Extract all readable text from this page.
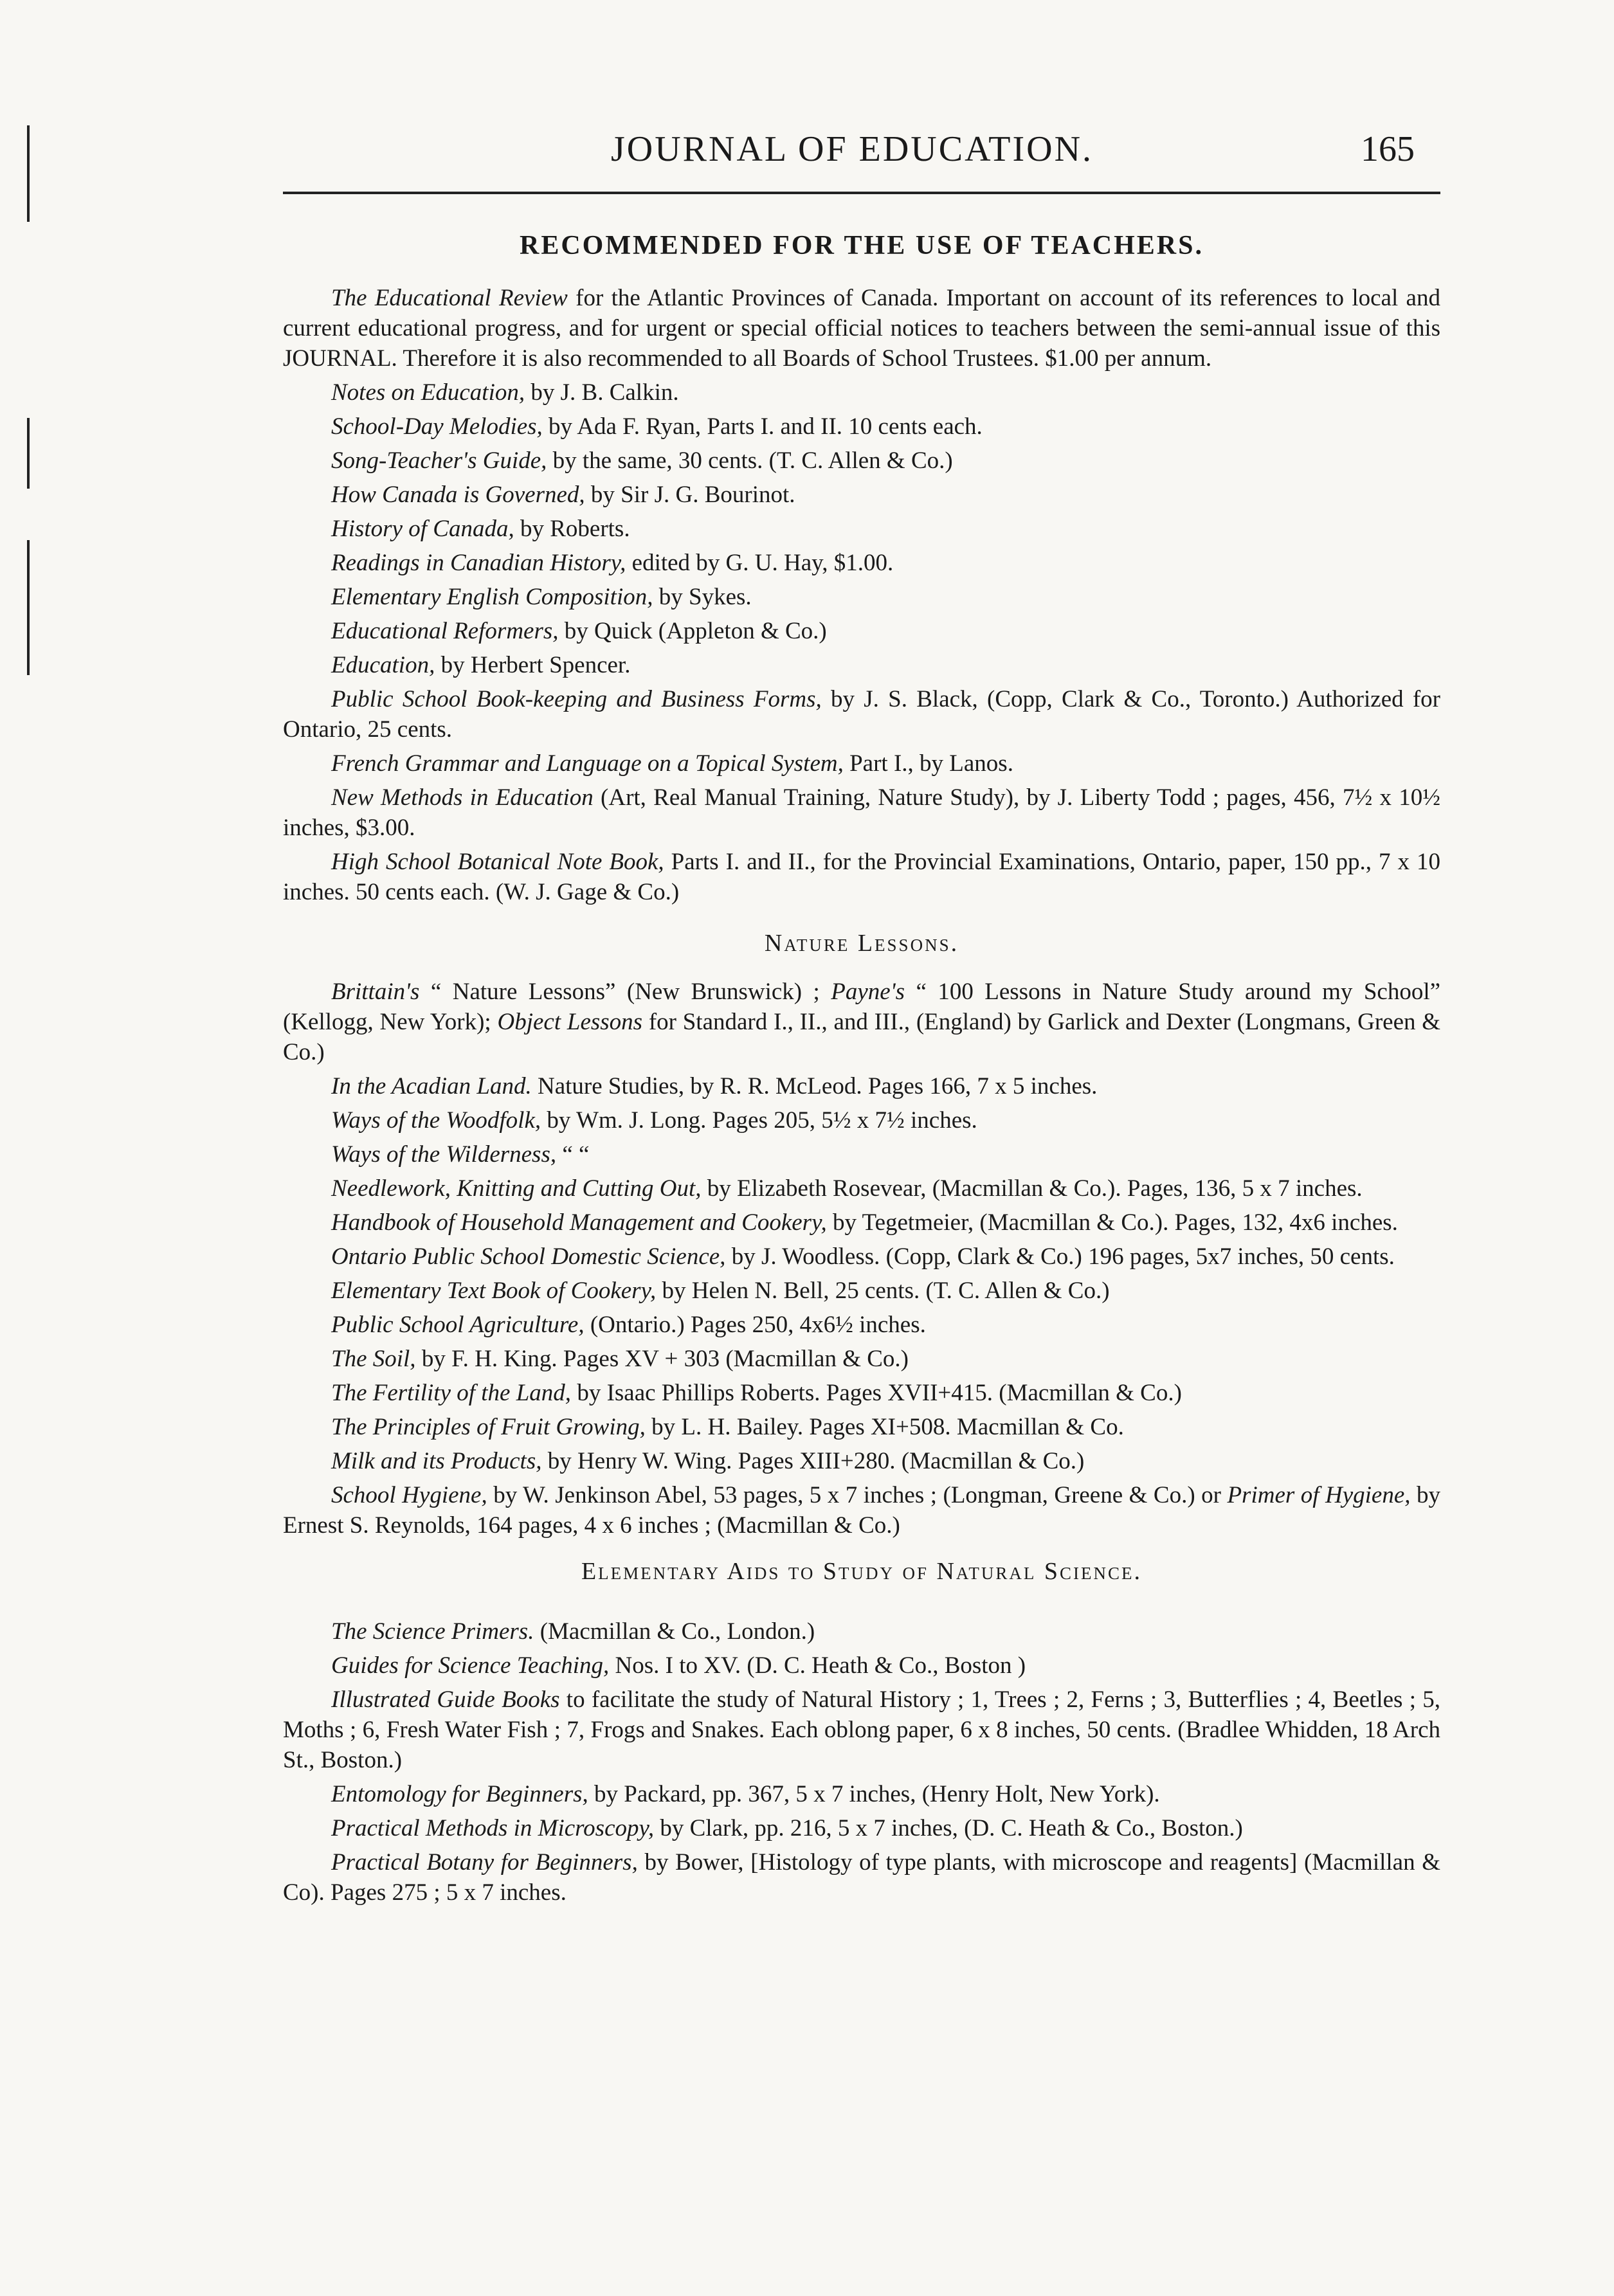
JOURNAL OF EDUCATION.	165
RECOMMENDED FOR THE USE OF TEACHERS.

The Educational Review for the Atlantic Provinces of Canada. Important on account of its references to local and current educational progress, and for urgent or special official notices to teachers between the semi-annual issue of this JOURNAL. Therefore it is also recommended to all Boards of School Trustees. $1.00 per annum.

Notes on Education, by J. B. Calkin.

School-Day Melodies, by Ada F. Ryan, Parts I. and II. 10 cents each.

Song-Teacher's Guide, by the same, 30 cents. (T. C. Allen & Co.)

How Canada is Governed, by Sir J. G. Bourinot.

History of Canada, by Roberts.

Readings in Canadian History, edited by G. U. Hay, $1.00.

Elementary English Composition, by Sykes.

Educational Reformers, by Quick (Appleton & Co.)

Education, by Herbert Spencer.

Public School Book-keeping and Business Forms, by J. S. Black, (Copp, Clark & Co., Toronto.) Authorized for Ontario, 25 cents.

French Grammar and Language on a Topical System, Part I., by Lanos.

New Methods in Education (Art, Real Manual Training, Nature Study), by J. Liberty Todd ; pages, 456, 7½ x 10½ inches, $3.00.

High School Botanical Note Book, Parts I. and II., for the Provincial Examinations, Ontario, paper, 150 pp., 7 x 10 inches. 50 cents each. (W. J. Gage & Co.)

Nature Lessons.

Brittain's “ Nature Lessons” (New Brunswick) ; Payne's “ 100 Lessons in Nature Study around my School” (Kellogg, New York); Object Lessons for Standard I., II., and III., (England) by Garlick and Dexter (Longmans, Green & Co.)

In the Acadian Land. Nature Studies, by R. R. McLeod. Pages 166, 7 x 5 inches.

Ways of the Woodfolk, by Wm. J. Long. Pages 205, 5½ x 7½ inches.

Ways of the Wilderness, “ “

Needlework, Knitting and Cutting Out, by Elizabeth Rosevear, (Macmillan & Co.). Pages, 136, 5 x 7 inches.

Handbook of Household Management and Cookery, by Tegetmeier, (Macmillan & Co.). Pages, 132, 4x6 inches.

Ontario Public School Domestic Science, by J. Woodless. (Copp, Clark & Co.) 196 pages, 5x7 inches, 50 cents.

Elementary Text Book of Cookery, by Helen N. Bell, 25 cents. (T. C. Allen & Co.)

Public School Agriculture, (Ontario.) Pages 250, 4x6½ inches.

The Soil, by F. H. King. Pages XV + 303 (Macmillan & Co.)

The Fertility of the Land, by Isaac Phillips Roberts. Pages XVII+415. (Macmillan & Co.)

The Principles of Fruit Growing, by L. H. Bailey. Pages XI+508. Macmillan & Co.

Milk and its Products, by Henry W. Wing. Pages XIII+280. (Macmillan & Co.)

School Hygiene, by W. Jenkinson Abel, 53 pages, 5 x 7 inches ; (Longman, Greene & Co.) or Primer of Hygiene, by Ernest S. Reynolds, 164 pages, 4 x 6 inches ; (Macmillan & Co.)

Elementary Aids to Study of Natural Science.

The Science Primers. (Macmillan & Co., London.)

Guides for Science Teaching, Nos. I to XV. (D. C. Heath & Co., Boston )

Illustrated Guide Books to facilitate the study of Natural History ; 1, Trees ; 2, Ferns ; 3, Butterflies ; 4, Beetles ; 5, Moths ; 6, Fresh Water Fish ; 7, Frogs and Snakes. Each oblong paper, 6 x 8 inches, 50 cents. (Bradlee Whidden, 18 Arch St., Boston.)

Entomology for Beginners, by Packard, pp. 367, 5 x 7 inches, (Henry Holt, New York).

Practical Methods in Microscopy, by Clark, pp. 216, 5 x 7 inches, (D. C. Heath & Co., Boston.)

Practical Botany for Beginners, by Bower, [Histology of type plants, with microscope and reagents] (Macmillan & Co). Pages 275 ; 5 x 7 inches.
